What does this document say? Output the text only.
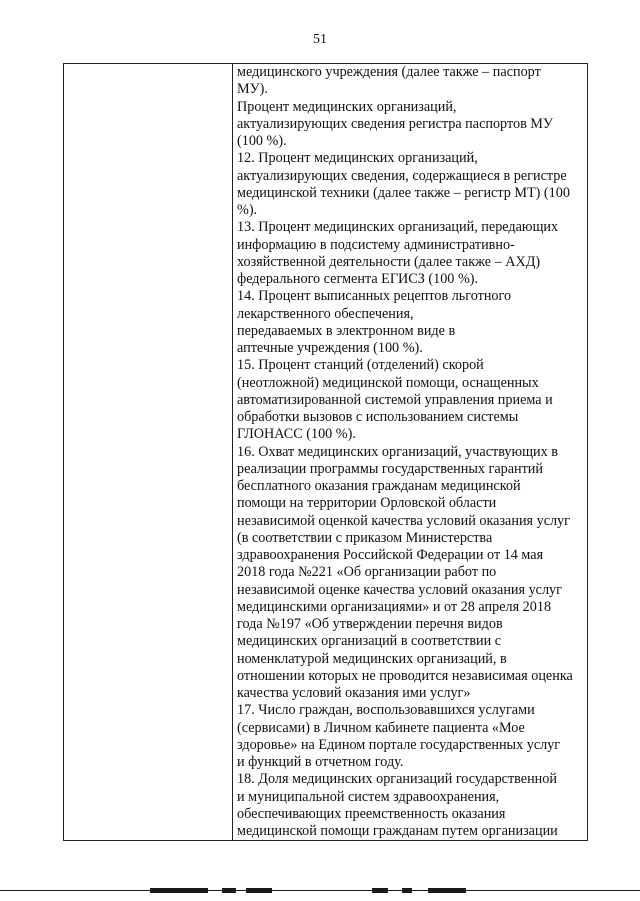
51

медицинского учреждения (далее также – паспорт
МУ).
Процент медицинских организаций,
актуализирующих сведения регистра паспортов МУ
(100 %).
12. Процент медицинских организаций,
актуализирующих сведения, содержащиеся в регистре
медицинской техники (далее также – регистр МТ) (100
%).
13. Процент медицинских организаций, передающих
информацию в подсистему административно-
хозяйственной деятельности (далее также – АХД)
федерального сегмента ЕГИСЗ (100 %).
14. Процент выписанных рецептов льготного
лекарственного обеспечения,
передаваемых в электронном виде в
аптечные учреждения (100 %).
15. Процент станций (отделений) скорой
(неотложной) медицинской помощи, оснащенных
автоматизированной системой управления приема и
обработки вызовов с использованием системы
ГЛОНАСС (100 %).
16. Охват медицинских организаций, участвующих в
реализации программы государственных гарантий
бесплатного оказания гражданам медицинской
помощи на территории Орловской области
независимой оценкой качества условий оказания услуг
(в соответствии с приказом Министерства
здравоохранения Российской Федерации от 14 мая
2018 года №221 «Об организации работ по
независимой оценке качества условий оказания услуг
медицинскими организациями» и от 28 апреля 2018
года №197 «Об утверждении перечня видов
медицинских организаций в соответствии с
номенклатурой медицинских организаций, в
отношении которых не проводится независимая оценка
качества условий оказания ими услуг»
17. Число граждан, воспользовавшихся услугами
(сервисами) в Личном кабинете пациента «Мое
здоровье» на Едином портале государственных услуг
и функций в отчетном году.
18. Доля медицинских организаций государственной
и муниципальной систем здравоохранения,
обеспечивающих преемственность оказания
медицинской помощи гражданам путем организации
